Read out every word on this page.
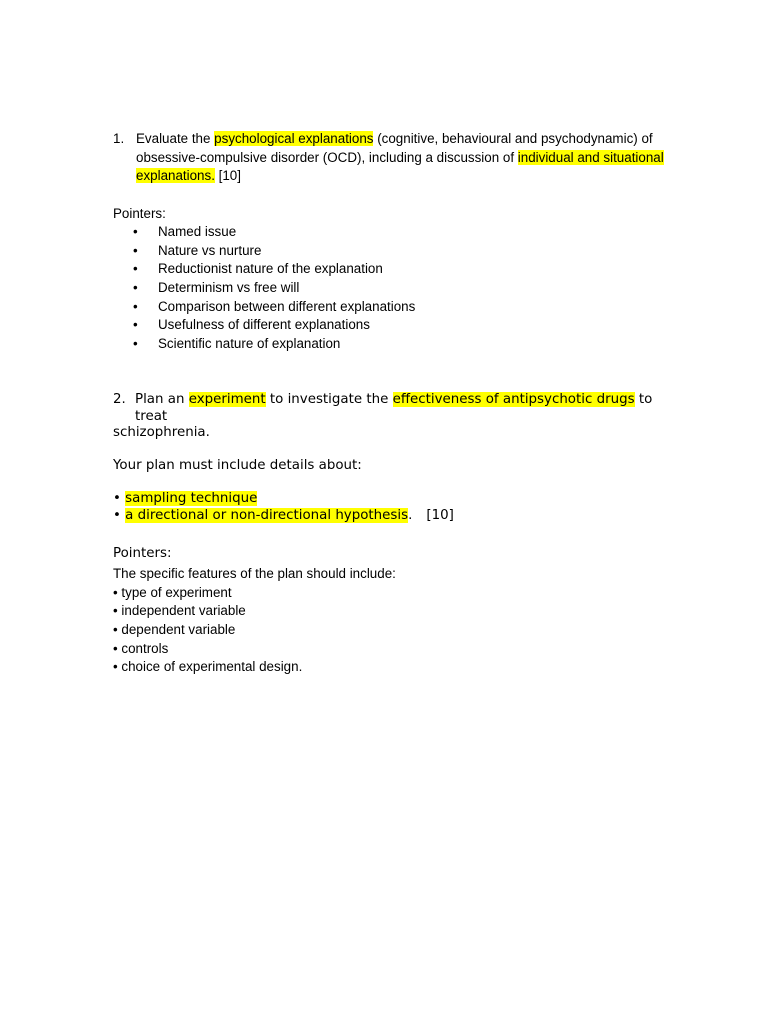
1. Evaluate the psychological explanations (cognitive, behavioural and psychodynamic) of obsessive-compulsive disorder (OCD), including a discussion of individual and situational explanations. [10]
Pointers:
• Named issue
• Nature vs nurture
• Reductionist nature of the explanation
• Determinism vs free will
• Comparison between different explanations
• Usefulness of different explanations
• Scientific nature of explanation
2. Plan an experiment to investigate the effectiveness of antipsychotic drugs to treat
schizophrenia.
Your plan must include details about:
• sampling technique
• a directional or non-directional hypothesis. [10]
Pointers:
The specific features of the plan should include:
• type of experiment
• independent variable
• dependent variable
• controls
• choice of experimental design.
